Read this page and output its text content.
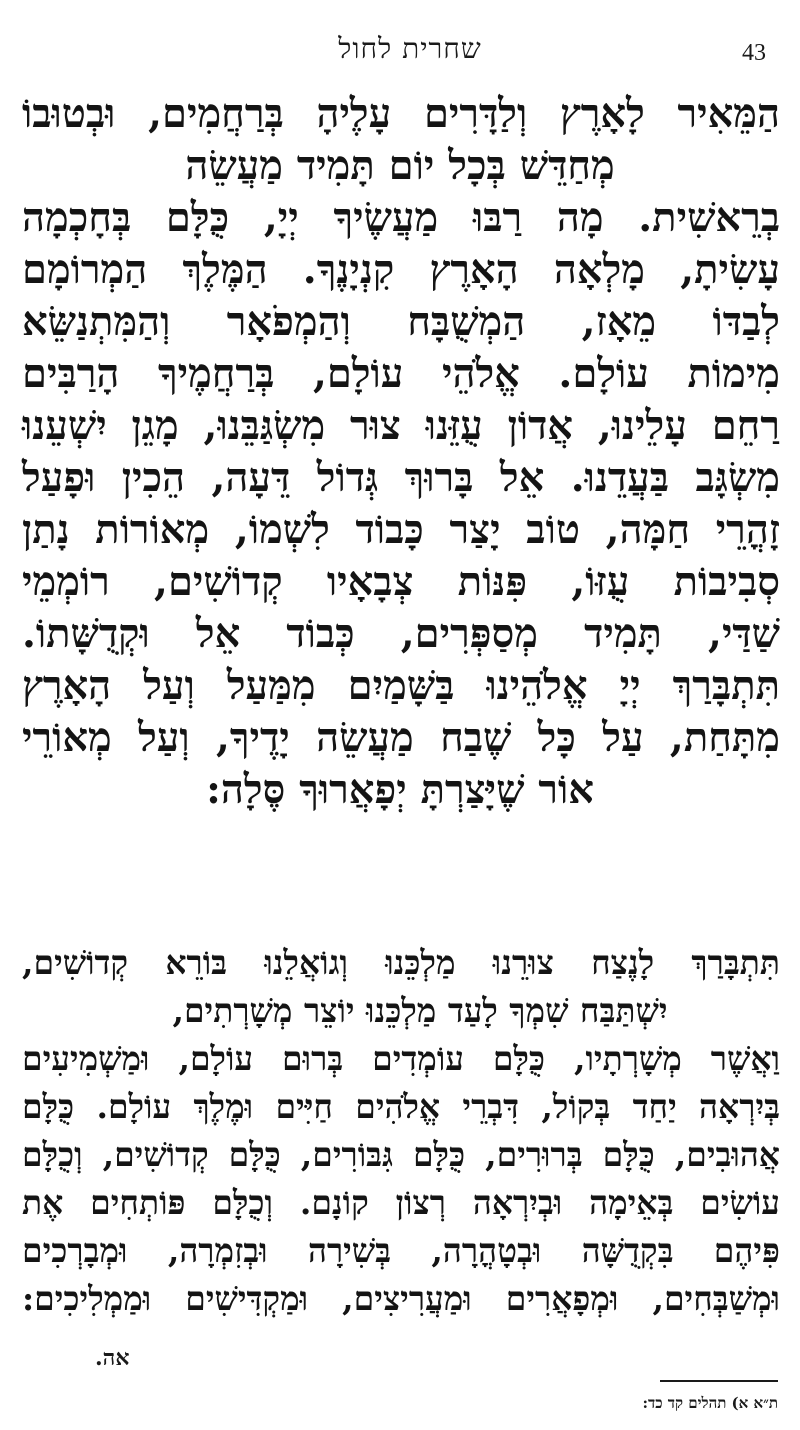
43
שחרית לחול
הַמֵּאִיר לָאָרֶץ וְלַדָּרִים עָלֶיהָ בְּרַחֲמִים, וּבְטוּבוֹ
מְחַדֵּשׁ בְּכָל יוֹם תָּמִיד מַעֲשֵׂה
בְרֵאשִׁית. מָה רַבּוּ מַעֲשֶׂיךָ יְיָ, כֻּלָּם בְּחָכְמָה
עָשִׂיתָ, מָלְאָה הָאָרֶץ קִנְיָנֶךָ. הַמֶּלֶךְ הַמְרוֹמָם
לְבַדּוֹ מֵאָז, הַמְשֻׁבָּח וְהַמְפֹאָר וְהַמִּתְנַשֵּׂא
מִימוֹת עוֹלָם. אֱלֹהֵי עוֹלָם, בְּרַחֲמֶיךָ הָרַבִּים
רַחֵם עָלֵינוּ, אֲדוֹן עֻזֵּנוּ צוּר מִשְׂגַּבֵּנוּ, מָגֵן יִשְׁעֵנוּ
מִשְׂגָּב בַּעֲדֵנוּ. אֵל בָּרוּךְ גְּדוֹל דֵּעָה, הֵכִין וּפָעַל
זָהֳרֵי חַמָּה, טוֹב יָצַר כָּבוֹד לִשְׁמוֹ, מְאוֹרוֹת נָתַן
סְבִיבוֹת עֻזּוֹ, פִּנּוֹת צְבָאָיו קְדוֹשִׁים, רוֹמְמֵי
שַׁדַּי, תָּמִיד מְסַפְּרִים, כְּבוֹד אֵל וּקְדֻשָּׁתוֹ.
תִּתְבָּרַךְ יְיָ אֱלֹהֵינוּ בַּשָּׁמַיִם מִמַּעַל וְעַל הָאָרֶץ
מִתָּחַת, עַל כָּל שֶׁבַח מַעֲשֵׂה יָדֶיךָ, וְעַל מְאוֹרֵי
אוֹר שֶׁיָּצַרְתָּ יְפָאֲרוּךָ סֶּלָה:
תִּתְבָּרַךְ לָנֶצַח צוּרֵנוּ מַלְכֵּנוּ וְגוֹאֲלֵנוּ בּוֹרֵא קְדוֹשִׁים,
יִשְׁתַּבַּח שִׁמְךָ לָעַד מַלְכֵּנוּ יוֹצֵר מְשָׁרְתִים,
וַאֲשֶׁר מְשָׁרְתָיו, כֻּלָּם עוֹמְדִים בְּרוּם עוֹלָם, וּמַשְׁמִיעִים
בְּיִרְאָה יַחַד בְּקוֹל, דִּבְרֵי אֱלֹהִים חַיִּים וּמֶלֶךְ עוֹלָם. כֻּלָּם
אֲהוּבִים, כֻּלָּם בְּרוּרִים, כֻּלָּם גִּבּוֹרִים, כֻּלָּם קְדוֹשִׁים, וְכֻלָּם
עוֹשִׂים בְּאֵימָה וּבְיִרְאָה רְצוֹן קוֹנָם. וְכֻלָּם פּוֹתְחִים אֶת
פִּיהֶם בִּקְדֻשָּׁה וּבְטָהֳרָה, בְּשִׁירָה וּבְזִמְרָה, וּמְבָרְכִים
וּמְשַׁבְּחִים, וּמְפָאֲרִים וּמַעֲרִיצִים, וּמַקְדִּישִׁים וּמַמְלִיכִים:
אה.
ת״א א) תהלים קד כד:
